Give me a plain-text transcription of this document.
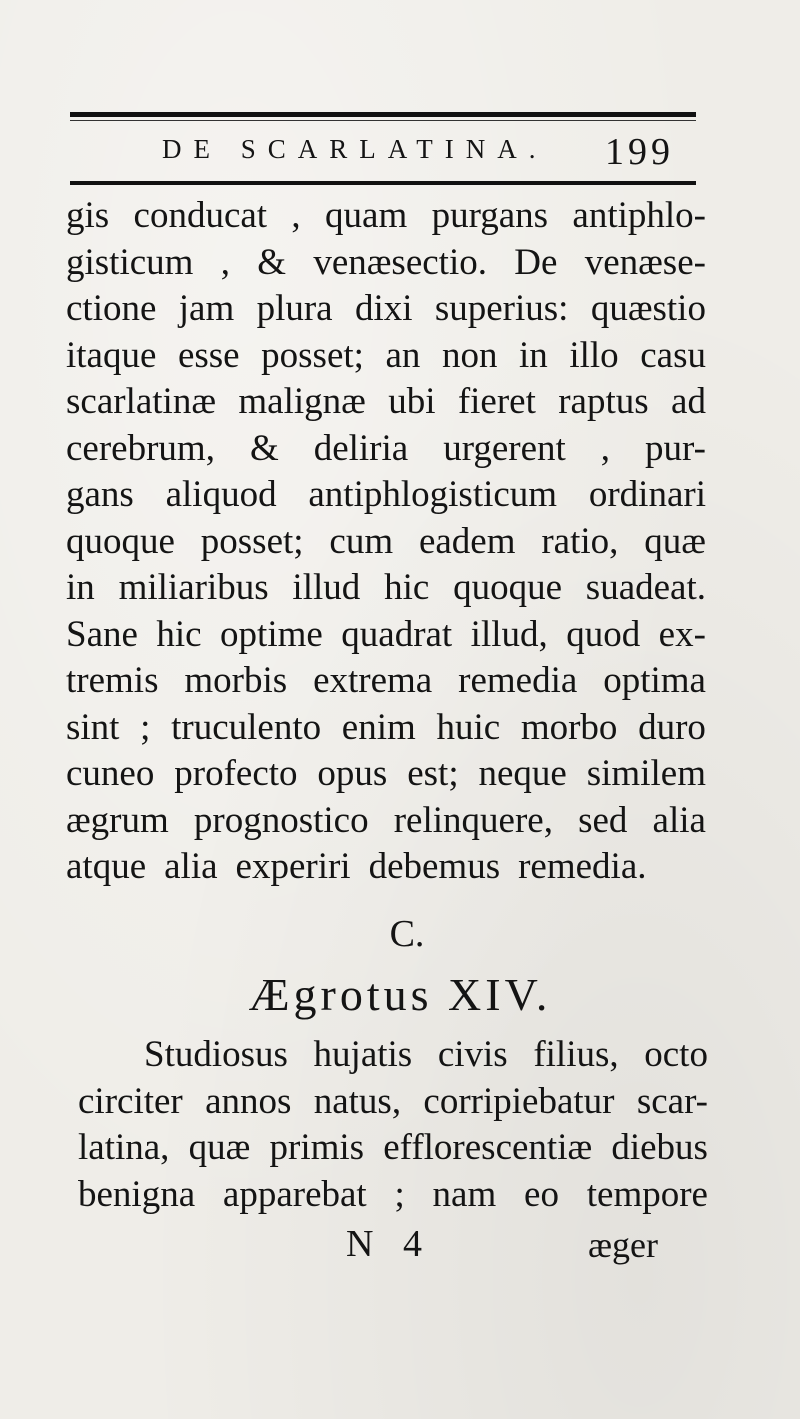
DE SCARLATINA. 199
gis conducat , quam purgans antiphlo-
gisticum , & venæsectio. De venæse-
ctione jam plura dixi superius: quæstio
itaque esse posset; an non in illo casu
scarlatinæ malignæ ubi fieret raptus ad
cerebrum, & deliria urgerent , pur-
gans aliquod antiphlogisticum ordinari
quoque posset; cum eadem ratio, quæ
in miliaribus illud hic quoque suadeat.
Sane hic optime quadrat illud, quod ex-
tremis morbis extrema remedia optima
sint ; truculento enim huic morbo duro
cuneo profecto opus est; neque similem
ægrum prognostico relinquere, sed alia
atque alia experiri debemus remedia.
C.
Ægrotus XIV.
Studiosus hujatis civis filius, octo
circiter annos natus, corripiebatur scar-
latina, quæ primis efflorescentiæ diebus
benigna apparebat ; nam eo tempore
N 4	æger
